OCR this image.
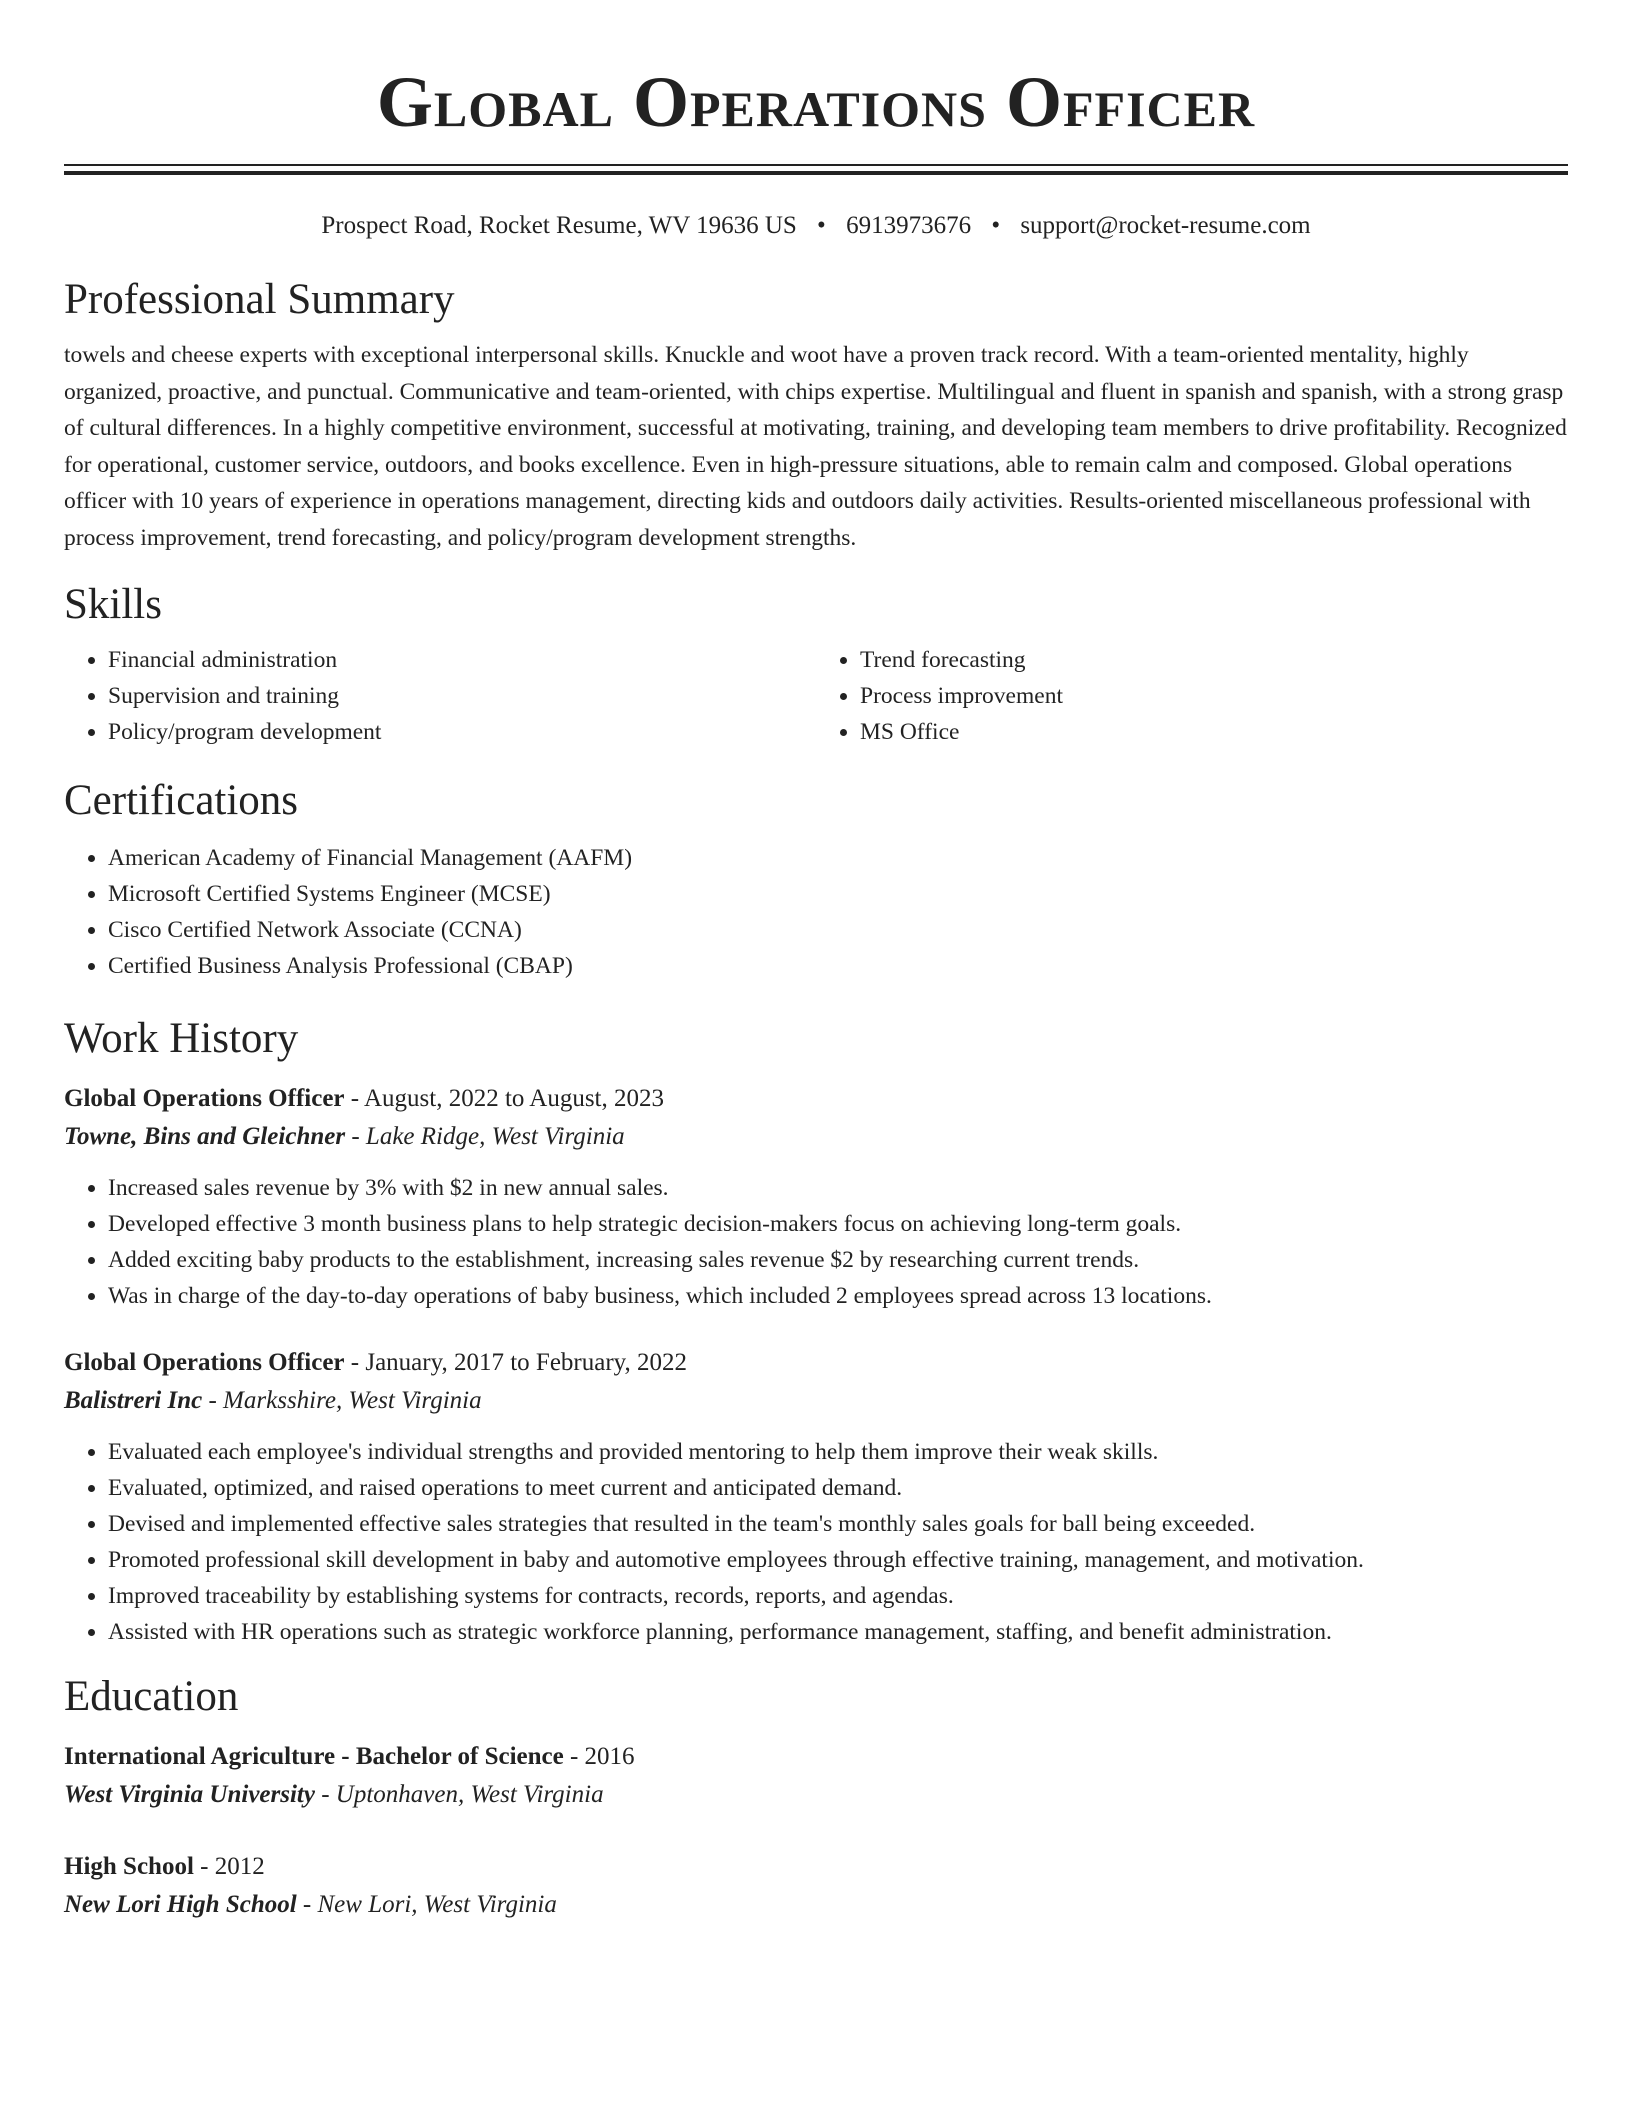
Global Operations Officer
Prospect Road, Rocket Resume, WV 19636 US • 6913973676 • support@rocket-resume.com
Professional Summary

towels and cheese experts with exceptional interpersonal skills. Knuckle and woot have a proven track record. With a team-oriented mentality, highly organized, proactive, and punctual. Communicative and team-oriented, with chips expertise. Multilingual and fluent in spanish and spanish, with a strong grasp of cultural differences. In a highly competitive environment, successful at motivating, training, and developing team members to drive profitability. Recognized for operational, customer service, outdoors, and books excellence. Even in high-pressure situations, able to remain calm and composed. Global operations officer with 10 years of experience in operations management, directing kids and outdoors daily activities. Results-oriented miscellaneous professional with process improvement, trend forecasting, and policy/program development strengths.

Skills
• Financial administration
• Supervision and training
• Policy/program development
• Trend forecasting
• Process improvement
• MS Office
Certifications
• American Academy of Financial Management (AAFM)
• Microsoft Certified Systems Engineer (MCSE)
• Cisco Certified Network Associate (CCNA)
• Certified Business Analysis Professional (CBAP)
Work History
Global Operations Officer - August, 2022 to August, 2023
Towne, Bins and Gleichner - Lake Ridge, West Virginia
• Increased sales revenue by 3% with $2 in new annual sales.
• Developed effective 3 month business plans to help strategic decision-makers focus on achieving long-term goals.
• Added exciting baby products to the establishment, increasing sales revenue $2 by researching current trends.
• Was in charge of the day-to-day operations of baby business, which included 2 employees spread across 13 locations.
Global Operations Officer - January, 2017 to February, 2022
Balistreri Inc - Marksshire, West Virginia
• Evaluated each employee's individual strengths and provided mentoring to help them improve their weak skills.
• Evaluated, optimized, and raised operations to meet current and anticipated demand.
• Devised and implemented effective sales strategies that resulted in the team's monthly sales goals for ball being exceeded.
• Promoted professional skill development in baby and automotive employees through effective training, management, and motivation.
• Improved traceability by establishing systems for contracts, records, reports, and agendas.
• Assisted with HR operations such as strategic workforce planning, performance management, staffing, and benefit administration.
Education
International Agriculture - Bachelor of Science - 2016
West Virginia University - Uptonhaven, West Virginia
High School - 2012
New Lori High School - New Lori, West Virginia
